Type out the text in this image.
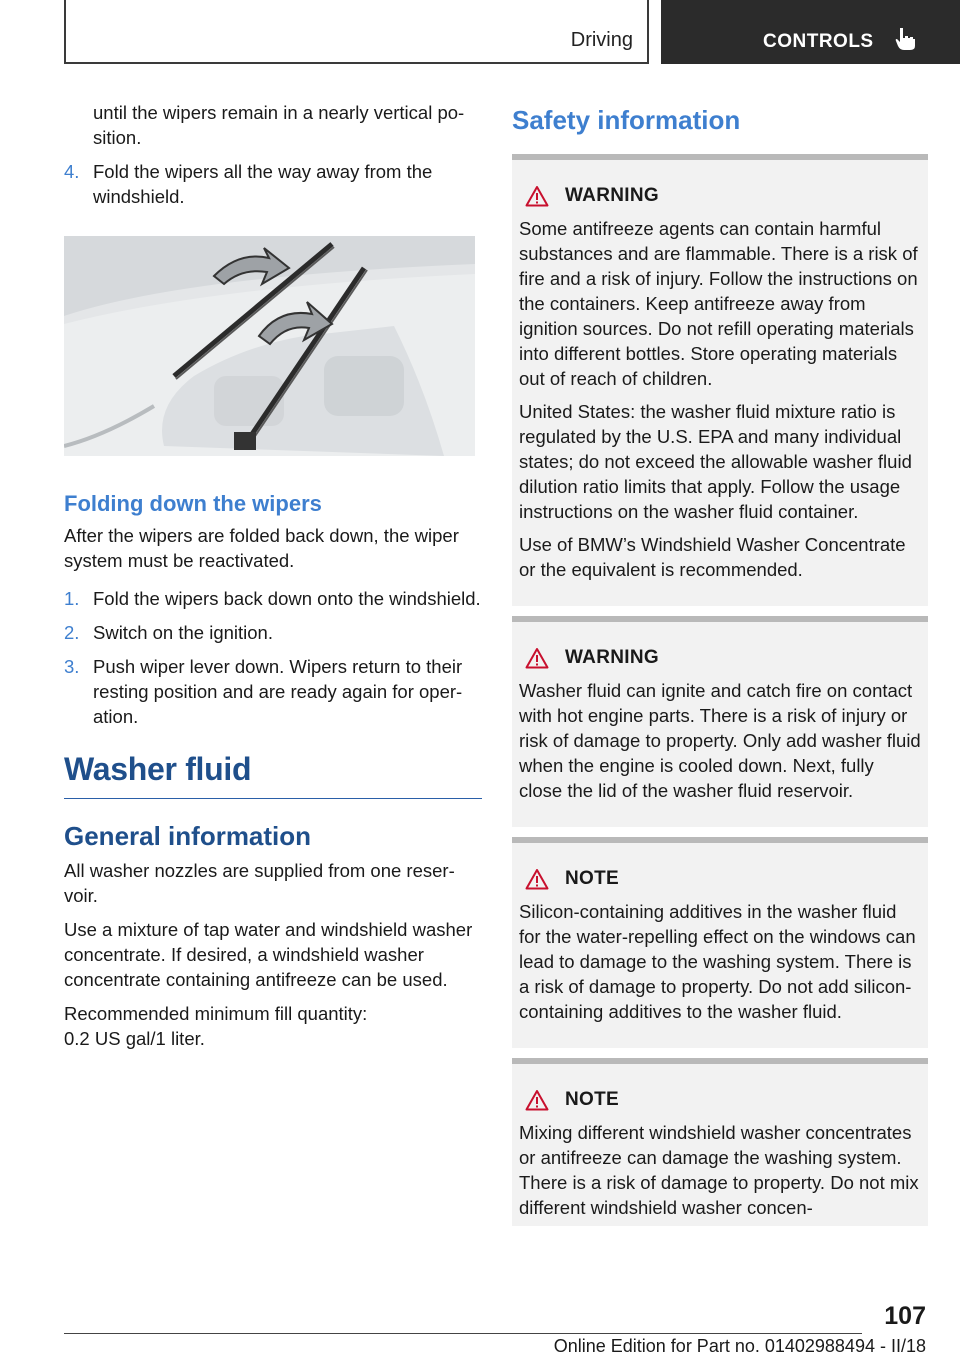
Driving	CONTROLS

until the wipers remain in a nearly vertical position.

4. Fold the wipers all the way away from the windshield.
Folding down the wipers

After the wipers are folded back down, the wiper system must be reactivated.

1. Fold the wipers back down onto the windshield.
2. Switch on the ignition.
3. Push wiper lever down. Wipers return to their resting position and are ready again for operation.
Washer fluid
General information

All washer nozzles are supplied from one reservoir.

Use a mixture of tap water and windshield washer concentrate. If desired, a windshield washer concentrate containing antifreeze can be used.

Recommended minimum fill quantity:

0.2 US gal/1 liter.

Safety information
WARNING

Some antifreeze agents can contain harmful substances and are flammable. There is a risk of fire and a risk of injury. Follow the instructions on the containers. Keep antifreeze away from ignition sources. Do not refill operating materials into different bottles. Store operating materials out of reach of children.

United States: the washer fluid mixture ratio is regulated by the U.S. EPA and many individual states; do not exceed the allowable washer fluid dilution ratio limits that apply. Follow the usage instructions on the washer fluid container.

Use of BMW’s Windshield Washer Concentrate or the equivalent is recommended.

WARNING

Washer fluid can ignite and catch fire on contact with hot engine parts. There is a risk of injury or risk of damage to property. Only add washer fluid when the engine is cooled down. Next, fully close the lid of the washer fluid reservoir.

NOTE

Silicon-containing additives in the washer fluid for the water-repelling effect on the windows can lead to damage to the washing system. There is a risk of damage to property. Do not add silicon-containing additives to the washer fluid.

NOTE

Mixing different windshield washer concentrates or antifreeze can damage the washing system. There is a risk of damage to property. Do not mix different windshield washer concen-

107
Online Edition for Part no. 01402988494 - II/18
